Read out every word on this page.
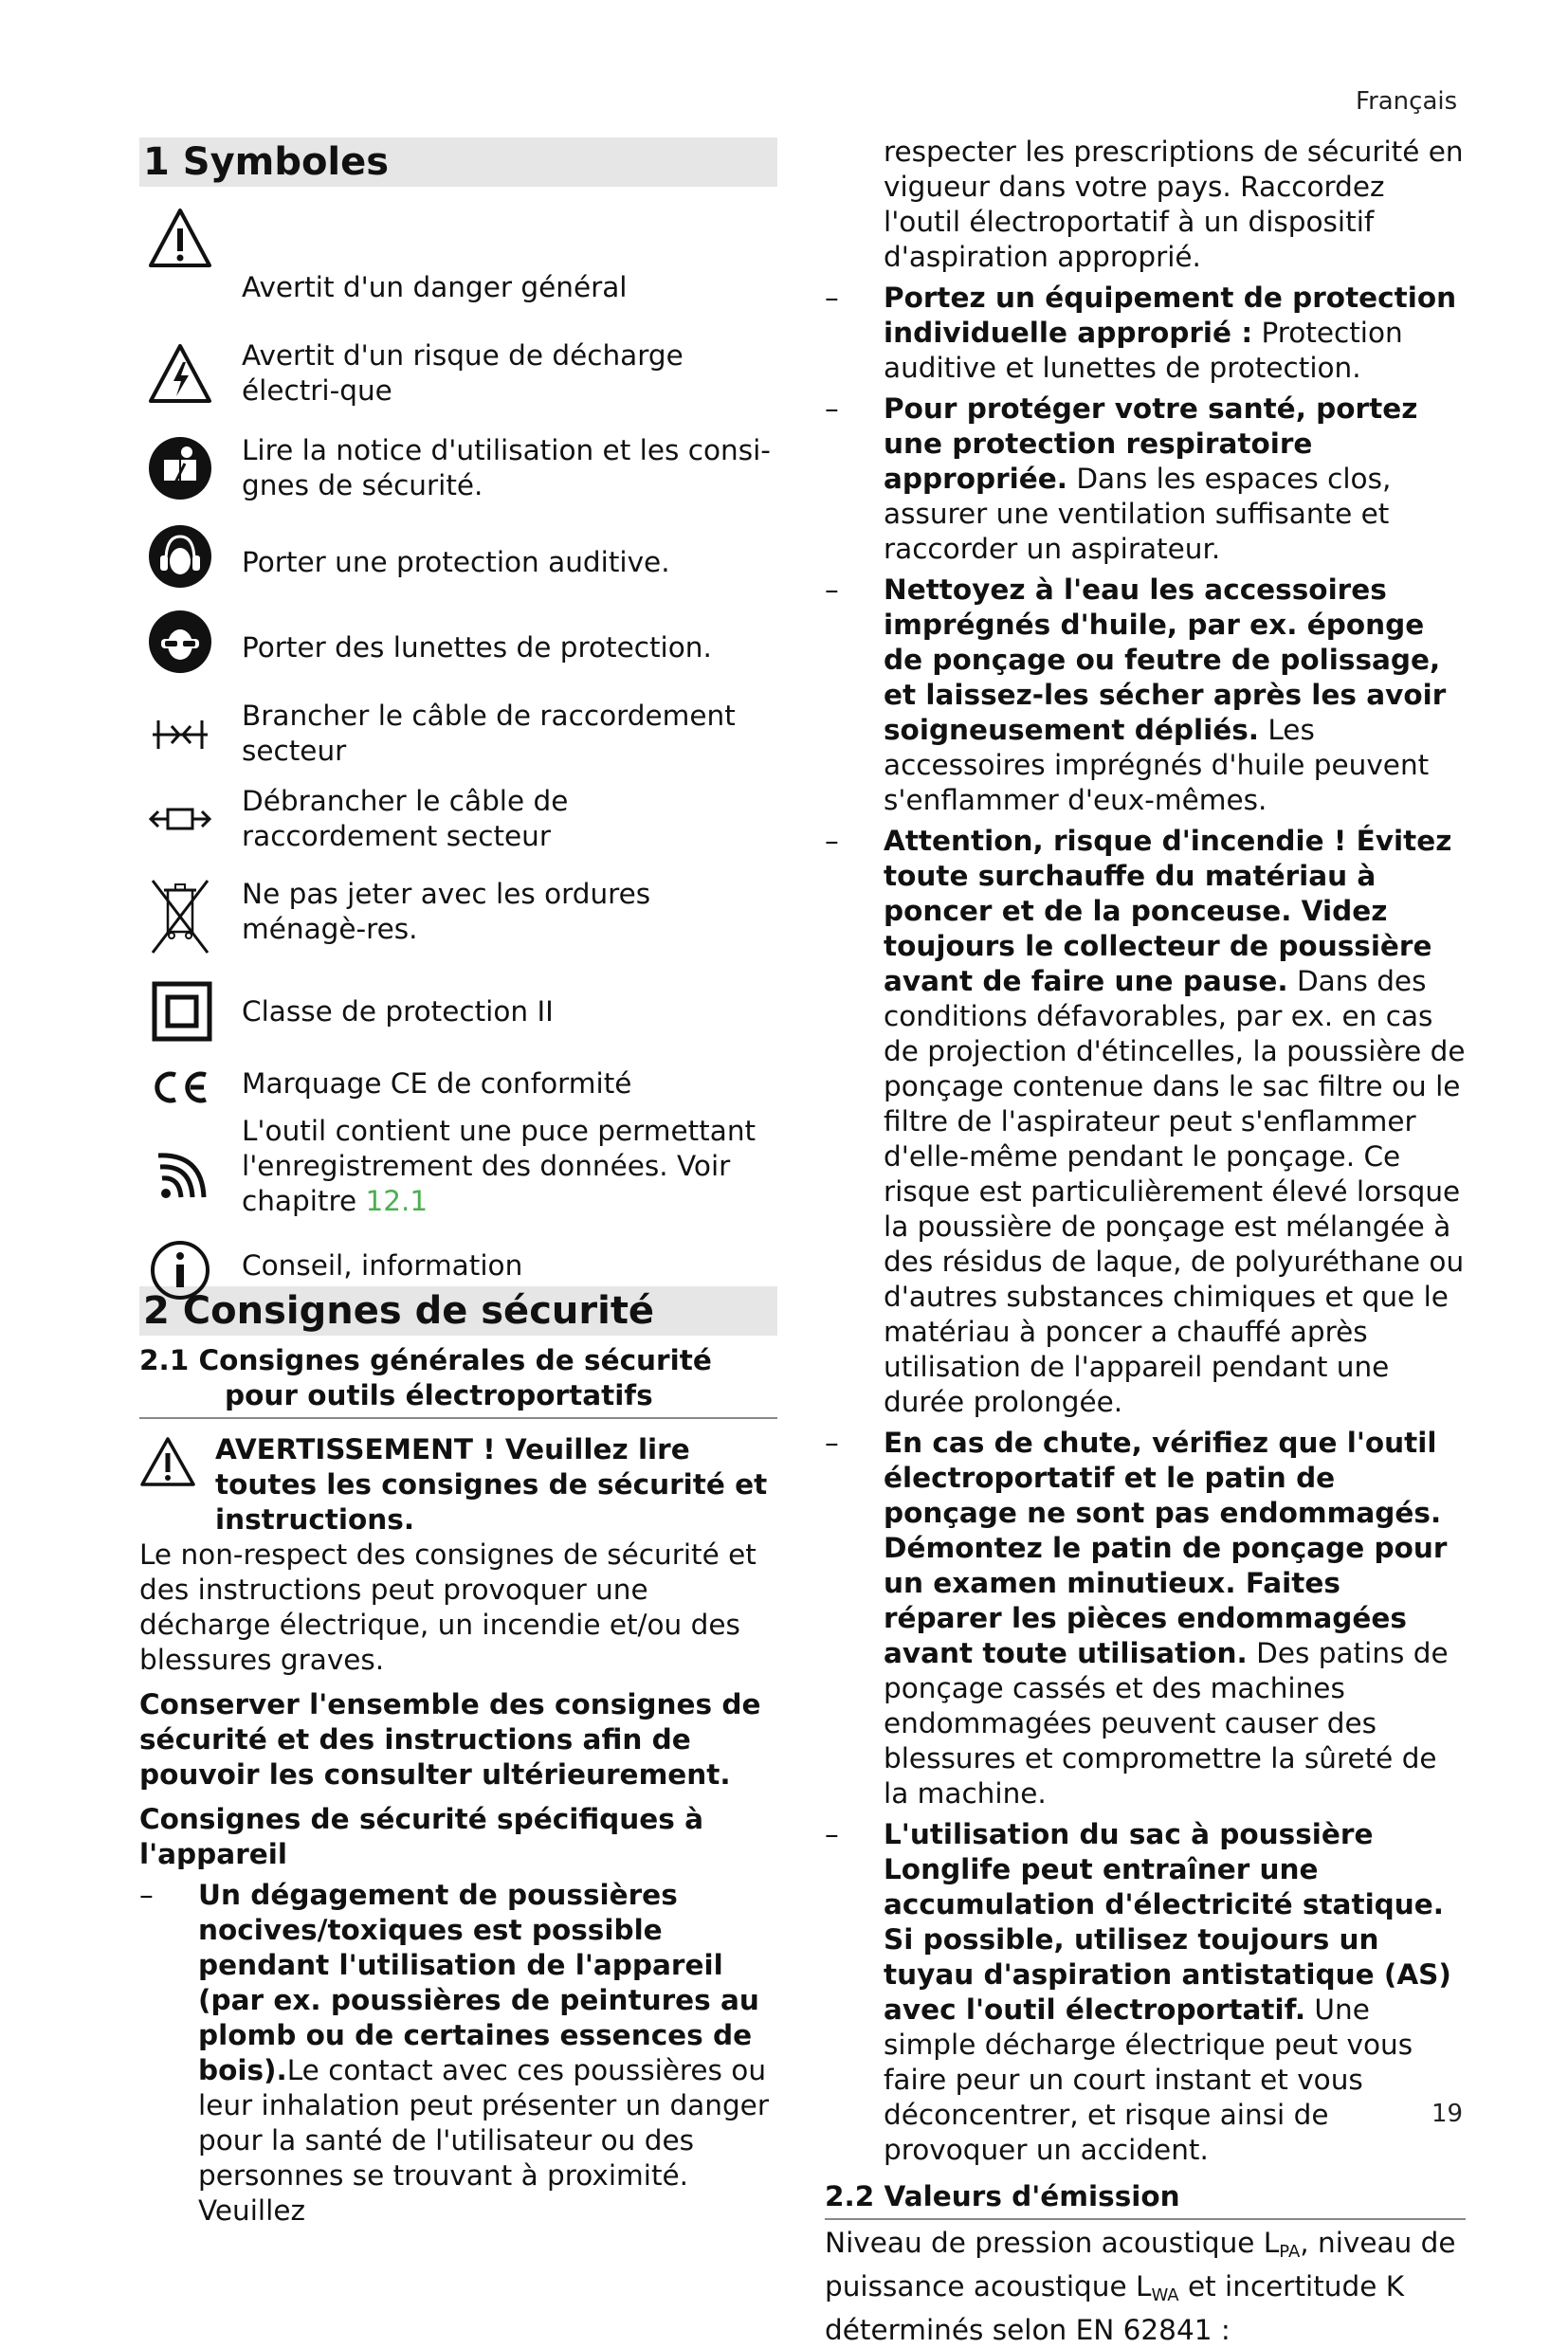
Français
1 Symboles
Avertit d'un danger général
Avertit d'un risque de décharge électri-que
Lire la notice d'utilisation et les consi-gnes de sécurité.
Porter une protection auditive.
Porter des lunettes de protection.
Brancher le câble de raccordement secteur
Débrancher le câble de raccordement secteur
Ne pas jeter avec les ordures ménagè-res.
Classe de protection II
Marquage CE de conformité
L'outil contient une puce permettant l'enregistrement des données. Voir chapitre 12.1
Conseil, information
2 Consignes de sécurité
2.1 Consignes générales de sécurité pour outils électroportatifs

AVERTISSEMENT ! Veuillez lire toutes les consignes de sécurité et instructions.

Le non-respect des consignes de sécurité et des instructions peut provoquer une décharge électrique, un incendie et/ou des blessures graves.

Conserver l'ensemble des consignes de sécurité et des instructions afin de pouvoir les consulter ultérieurement.

Consignes de sécurité spécifiques à l'appareil

– Un dégagement de poussières nocives/toxiques est possible pendant l'utilisation de l'appareil (par ex. poussières de peintures au plomb ou de certaines essences de bois).Le contact avec ces poussières ou leur inhalation peut présenter un danger pour la santé de l'utilisateur ou des personnes se trouvant à proximité. Veuillez
respecter les prescriptions de sécurité en vigueur dans votre pays. Raccordez l'outil électroportatif à un dispositif d'aspiration approprié.
– Portez un équipement de protection individuelle approprié : Protection auditive et lunettes de protection.
– Pour protéger votre santé, portez une protection respiratoire appropriée. Dans les espaces clos, assurer une ventilation suffisante et raccorder un aspirateur.
– Nettoyez à l'eau les accessoires imprégnés d'huile, par ex. éponge de ponçage ou feutre de polissage, et laissez-les sécher après les avoir soigneusement dépliés. Les accessoires imprégnés d'huile peuvent s'enflammer d'eux-mêmes.
– Attention, risque d'incendie ! Évitez toute surchauffe du matériau à poncer et de la ponceuse. Videz toujours le collecteur de poussière avant de faire une pause. Dans des conditions défavorables, par ex. en cas de projection d'étincelles, la poussière de ponçage contenue dans le sac filtre ou le filtre de l'aspirateur peut s'enflammer d'elle-même pendant le ponçage. Ce risque est particulièrement élevé lorsque la poussière de ponçage est mélangée à des résidus de laque, de polyuréthane ou d'autres substances chimiques et que le matériau à poncer a chauffé après utilisation de l'appareil pendant une durée prolongée.
– En cas de chute, vérifiez que l'outil électroportatif et le patin de ponçage ne sont pas endommagés. Démontez le patin de ponçage pour un examen minutieux. Faites réparer les pièces endommagées avant toute utilisation. Des patins de ponçage cassés et des machines endommagées peuvent causer des blessures et compromettre la sûreté de la machine.
– L'utilisation du sac à poussière Longlife peut entraîner une accumulation d'électricité statique. Si possible, utilisez toujours un tuyau d'aspiration antistatique (AS) avec l'outil électroportatif. Une simple décharge électrique peut vous faire peur un court instant et vous déconcentrer, et risque ainsi de provoquer un accident.
2.2 Valeurs d'émission

Niveau de pression acoustique $L_{PA}$, niveau de puissance acoustique $L_{WA}$ et incertitude K déterminés selon EN 62841 :

19
